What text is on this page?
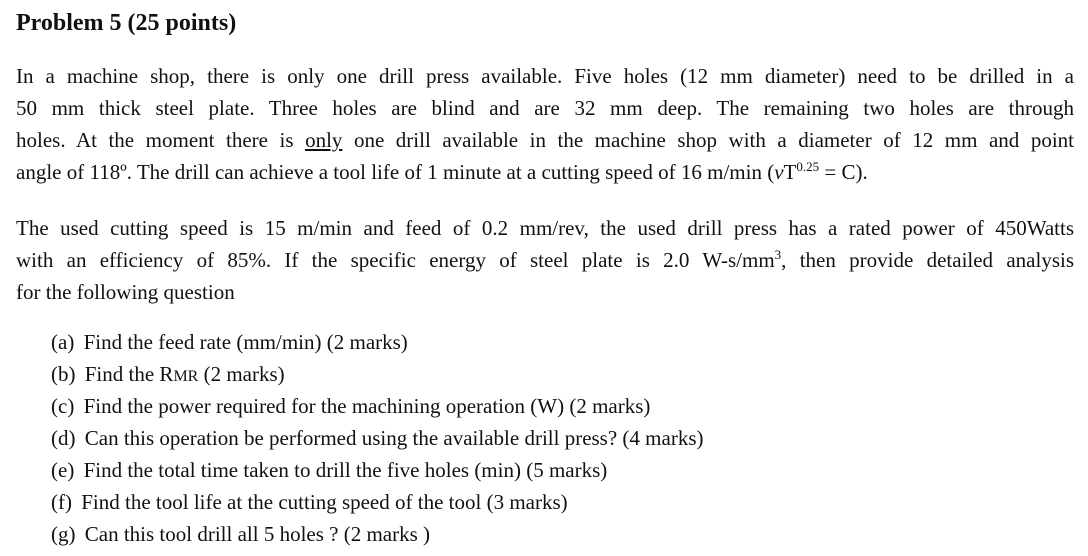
Problem 5 (25 points)

In a machine shop, there is only one drill press available. Five holes (12 mm diameter) need to be drilled in a
50 mm thick steel plate. Three holes are blind and are 32 mm deep. The remaining two holes are through
holes. At the moment there is only one drill available in the machine shop with a diameter of 12 mm and point
angle of 118º. The drill can achieve a tool life of 1 minute at a cutting speed of 16 m/min $(vT^{0.25} = C)$.

The used cutting speed is 15 m/min and feed of 0.2 mm/rev, the used drill press has a rated power of 450Watts
with an efficiency of 85%. If the specific energy of steel plate is 2.0 $W-s/mm^3$, then provide detailed analysis
for the following question

(a) Find the feed rate (mm/min) (2 marks)
(b) Find the RMR (2 marks)
(c) Find the power required for the machining operation (W) (2 marks)
(d) Can this operation be performed using the available drill press? (4 marks)
(e) Find the total time taken to drill the five holes (min) (5 marks)
(f) Find the tool life at the cutting speed of the tool (3 marks)
(g) Can this tool drill all 5 holes ? (2 marks )
